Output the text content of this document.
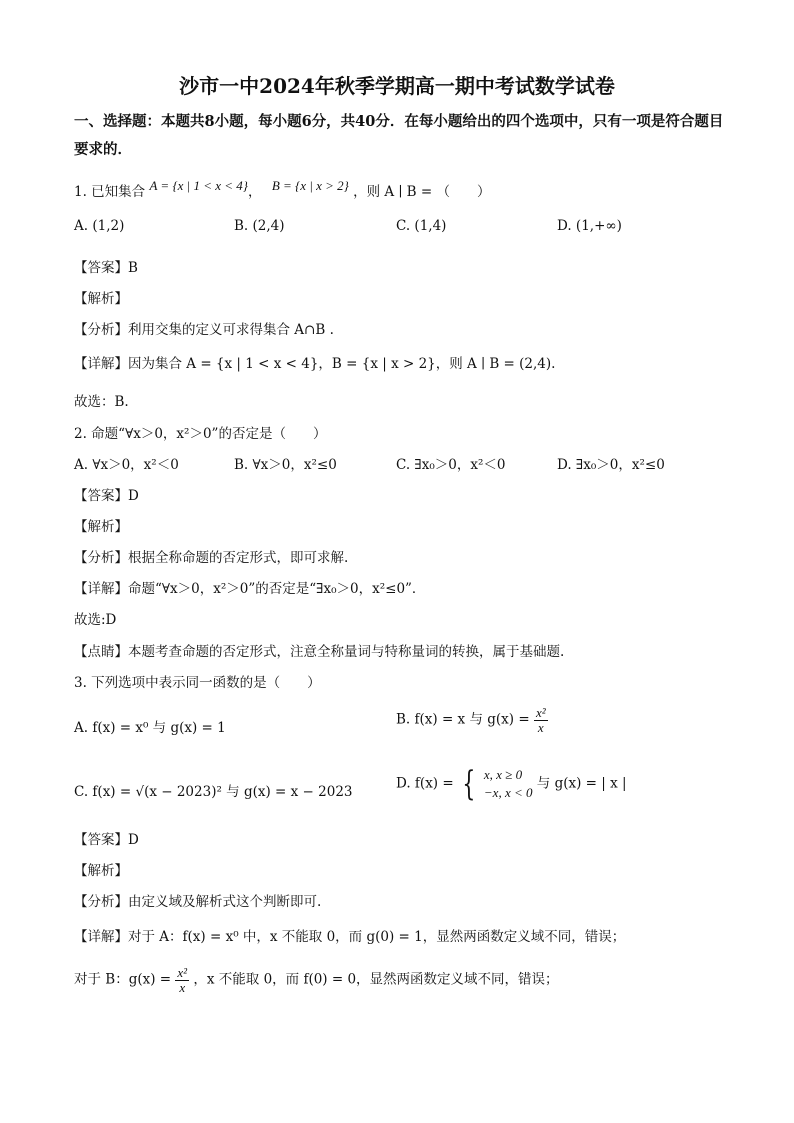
沙市一中2024年秋季学期高一期中考试数学试卷
一、选择题：本题共8小题，每小题6分，共40分．在每小题给出的四个选项中，只有一项是符合题目要求的．
1. 已知集合 A = {x | 1 < x < 4}， B = {x | x > 2} ，则 A ∣ B = （　　）
A. (1,2)	B. (2,4)	C. (1,4)	D. (1,+∞)
【答案】B
【解析】
【分析】利用交集的定义可求得集合 A∩B .
【详解】因为集合 A = {x | 1 < x < 4}，B = {x | x > 2}，则 A ∣ B = (2,4).
故选：B.
2. 命题“∀x＞0，x²＞0”的否定是（　　）
A. ∀x＞0，x²＜0	B. ∀x＞0，x²≤0	C. ∃x₀＞0，x²＜0	D. ∃x₀＞0，x²≤0
【答案】D
【解析】
【分析】根据全称命题的否定形式，即可求解.
【详解】命题“∀x＞0，x²＞0”的否定是“∃x₀＞0，x²≤0”．
故选:D
【点睛】本题考查命题的否定形式，注意全称量词与特称量词的转换，属于基础题.
3. 下列选项中表示同一函数的是（　　）
A. f(x) = x⁰ 与 g(x) = 1
B. f(x) = x 与 $g(x) = \frac{\text{x²}}{x}$
C. f(x) = √(x − 2023)² 与 g(x) = x − 2023
D. f(x) = { x, x ≥ 0
−x, x < 0
与 g(x) = | x |
【答案】D
【解析】
【分析】由定义域及解析式这个判断即可.
【详解】对于 A：f(x) = x⁰ 中，x 不能取 0，而 g(0) = 1，显然两函数定义域不同，错误；
对于 B：$g(x) = \frac{\text{x²}}{x}$ ，x 不能取 0，而 f(0) = 0，显然两函数定义域不同，错误；
